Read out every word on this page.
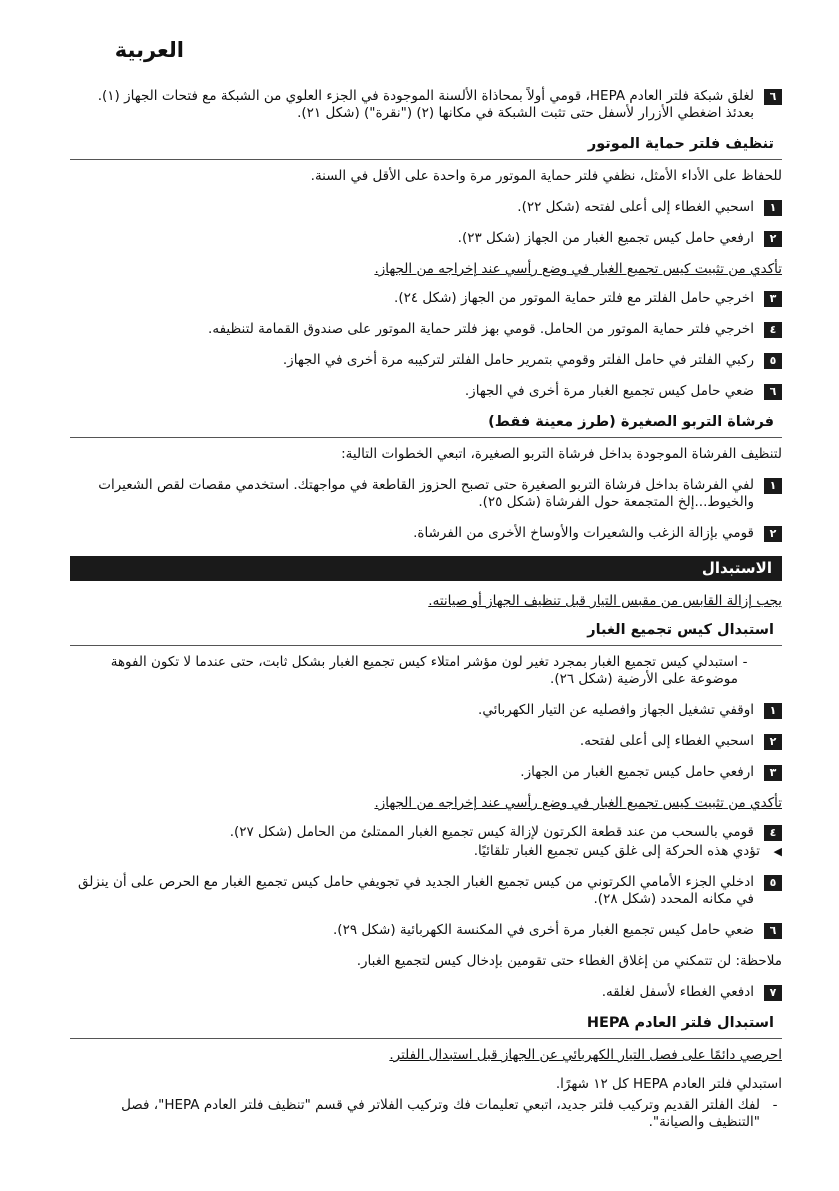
العربية
٦
لغلق شبكة فلتر العادم HEPA، قومي أولاً بمحاذاة الألسنة الموجودة في الجزء العلوي من الشبكة مع فتحات الجهاز (١). بعدئذ اضغطي الأزرار لأسفل حتى تثبت الشبكة في مكانها (٢) ("نقرة") (شكل ٢١).
تنظيف فلتر حماية الموتور
للحفاظ على الأداء الأمثل، نظفي فلتر حماية الموتور مرة واحدة على الأقل في السنة.
١
اسحبي الغطاء إلى أعلى لفتحه (شكل ٢٢).
٢
ارفعي حامل كيس تجميع الغبار من الجهاز (شكل ٢٣).
تأكدي من تثبيت كيس تجميع الغبار في وضع رأسي عند إخراجه من الجهاز.
٣
اخرجي حامل الفلتر مع فلتر حماية الموتور من الجهاز (شكل ٢٤).
٤
اخرجي فلتر حماية الموتور من الحامل. قومي بهز فلتر حماية الموتور على صندوق القمامة لتنظيفه.
٥
ركبي الفلتر في حامل الفلتر وقومي بتمرير حامل الفلتر لتركيبه مرة أخرى في الجهاز.
٦
ضعي حامل كيس تجميع الغبار مرة أخرى في الجهاز.
فرشاة التربو الصغيرة (طرز معينة فقط)
لتنظيف الفرشاة الموجودة بداخل فرشاة التربو الصغيرة، اتبعي الخطوات التالية:
١
لفي الفرشاة بداخل فرشاة التربو الصغيرة حتى تصبح الحزوز القاطعة في مواجهتك. استخدمي مقصات لقص الشعيرات والخيوط...إلخ المتجمعة حول الفرشاة (شكل ٢٥).
٢
قومي بإزالة الزغب والشعيرات والأوساخ الأخرى من الفرشاة.
الاستبدال
يجب إزالة القابس من مقبس التيار قبل تنظيف الجهاز أو صيانته.
استبدال كيس تجميع الغبار
-
استبدلي كيس تجميع الغبار بمجرد تغير لون مؤشر امتلاء كيس تجميع الغبار بشكل ثابت، حتى عندما لا تكون الفوهة موضوعة على الأرضية (شكل ٢٦).
١
اوقفي تشغيل الجهاز وافصليه عن التيار الكهربائي.
٢
اسحبي الغطاء إلى أعلى لفتحه.
٣
ارفعي حامل كيس تجميع الغبار من الجهاز.
تأكدي من تثبيت كيس تجميع الغبار في وضع رأسي عند إخراجه من الجهاز.
٤
قومي بالسحب من عند قطعة الكرتون لإزالة كيس تجميع الغبار الممتلئ من الحامل (شكل ٢٧).
◀
تؤدي هذه الحركة إلى غلق كيس تجميع الغبار تلقائيًا.
٥
ادخلي الجزء الأمامي الكرتوني من كيس تجميع الغبار الجديد في تجويفي حامل كيس تجميع الغبار مع الحرص على أن ينزلق في مكانه المحدد (شكل ٢٨).
٦
ضعي حامل كيس تجميع الغبار مرة أخرى في المكنسة الكهربائية (شكل ٢٩).
ملاحظة: لن تتمكني من إغلاق الغطاء حتى تقومين بإدخال كيس لتجميع الغبار.
٧
ادفعي الغطاء لأسفل لغلقه.
استبدال فلتر العادم HEPA
احرصي دائمًا على فصل التيار الكهربائي عن الجهاز قبل استبدال الفلتر.
استبدلي فلتر العادم HEPA كل ١٢ شهرًا.
-
لفك الفلتر القديم وتركيب فلتر جديد، اتبعي تعليمات فك وتركيب الفلاتر في قسم "تنظيف فلتر العادم HEPA"، فصل "التنظيف والصيانة".
